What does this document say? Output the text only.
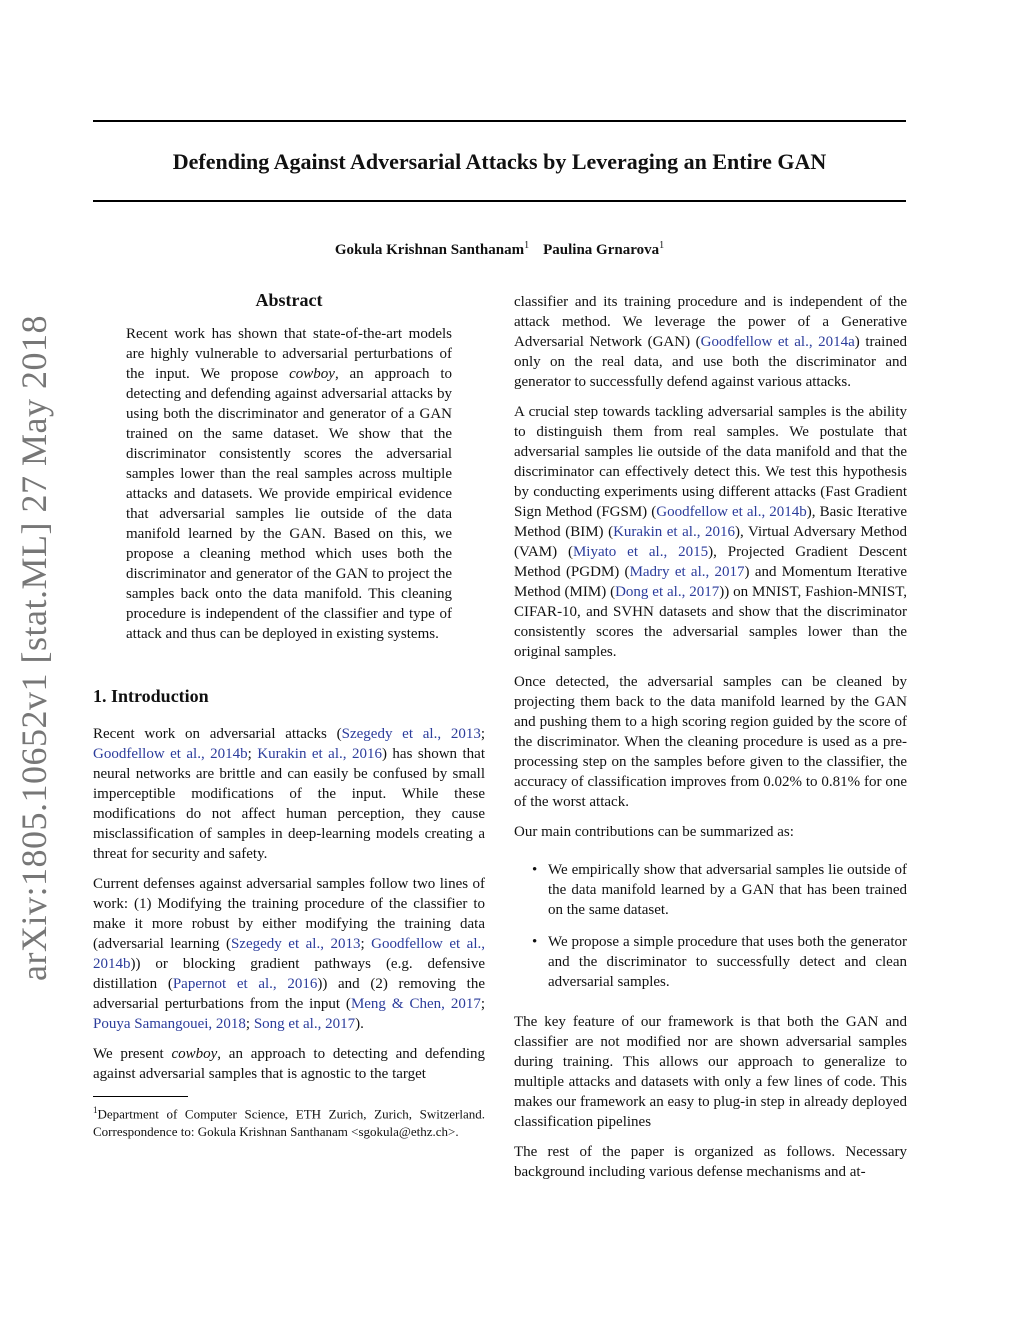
arXiv:1805.10652v1 [stat.ML] 27 May 2018
Defending Against Adversarial Attacks by Leveraging an Entire GAN
Gokula Krishnan Santhanam$^1$ Paulina Grnarova$^1$
Abstract

Recent work has shown that state-of-the-art models are highly vulnerable to adversarial perturbations of the input. We propose cowboy, an approach to detecting and defending against adversarial attacks by using both the discriminator and generator of a GAN trained on the same dataset. We show that the discriminator consistently scores the adversarial samples lower than the real samples across multiple attacks and datasets. We provide empirical evidence that adversarial samples lie outside of the data manifold learned by the GAN. Based on this, we propose a cleaning method which uses both the discriminator and generator of the GAN to project the samples back onto the data manifold. This cleaning procedure is independent of the classifier and type of attack and thus can be deployed in existing systems.

1. Introduction

Recent work on adversarial attacks (Szegedy et al., 2013; Goodfellow et al., 2014b; Kurakin et al., 2016) has shown that neural networks are brittle and can easily be confused by small imperceptible modifications of the input. While these modifications do not affect human perception, they cause misclassification of samples in deep-learning models creating a threat for security and safety.

Current defenses against adversarial samples follow two lines of work: (1) Modifying the training procedure of the classifier to make it more robust by either modifying the training data (adversarial learning (Szegedy et al., 2013; Goodfellow et al., 2014b)) or blocking gradient pathways (e.g. defensive distillation (Papernot et al., 2016)) and (2) removing the adversarial perturbations from the input (Meng & Chen, 2017; Pouya Samangouei, 2018; Song et al., 2017).

We present cowboy, an approach to detecting and defending against adversarial samples that is agnostic to the target

$^1$Department of Computer Science, ETH Zurich, Zurich, Switzerland. Correspondence to: Gokula Krishnan Santhanam <sgokula@ethz.ch>.

classifier and its training procedure and is independent of the attack method. We leverage the power of a Generative Adversarial Network (GAN) (Goodfellow et al., 2014a) trained only on the real data, and use both the discriminator and generator to successfully defend against various attacks.

A crucial step towards tackling adversarial samples is the ability to distinguish them from real samples. We postulate that adversarial samples lie outside of the data manifold and that the discriminator can effectively detect this. We test this hypothesis by conducting experiments using different attacks (Fast Gradient Sign Method (FGSM) (Goodfellow et al., 2014b), Basic Iterative Method (BIM) (Kurakin et al., 2016), Virtual Adversary Method (VAM) (Miyato et al., 2015), Projected Gradient Descent Method (PGDM) (Madry et al., 2017) and Momentum Iterative Method (MIM) (Dong et al., 2017)) on MNIST, Fashion-MNIST, CIFAR-10, and SVHN datasets and show that the discriminator consistently scores the adversarial samples lower than the original samples.

Once detected, the adversarial samples can be cleaned by projecting them back to the data manifold learned by the GAN and pushing them to a high scoring region guided by the score of the discriminator. When the cleaning procedure is used as a pre-processing step on the samples before given to the classifier, the accuracy of classification improves from 0.02% to 0.81% for one of the worst attack.

Our main contributions can be summarized as:

• We empirically show that adversarial samples lie outside of the data manifold learned by a GAN that has been trained on the same dataset.
• We propose a simple procedure that uses both the generator and the discriminator to successfully detect and clean adversarial samples.

The key feature of our framework is that both the GAN and classifier are not modified nor are shown adversarial samples during training. This allows our approach to generalize to multiple attacks and datasets with only a few lines of code. This makes our framework an easy to plug-in step in already deployed classification pipelines

The rest of the paper is organized as follows. Necessary background including various defense mechanisms and at-
